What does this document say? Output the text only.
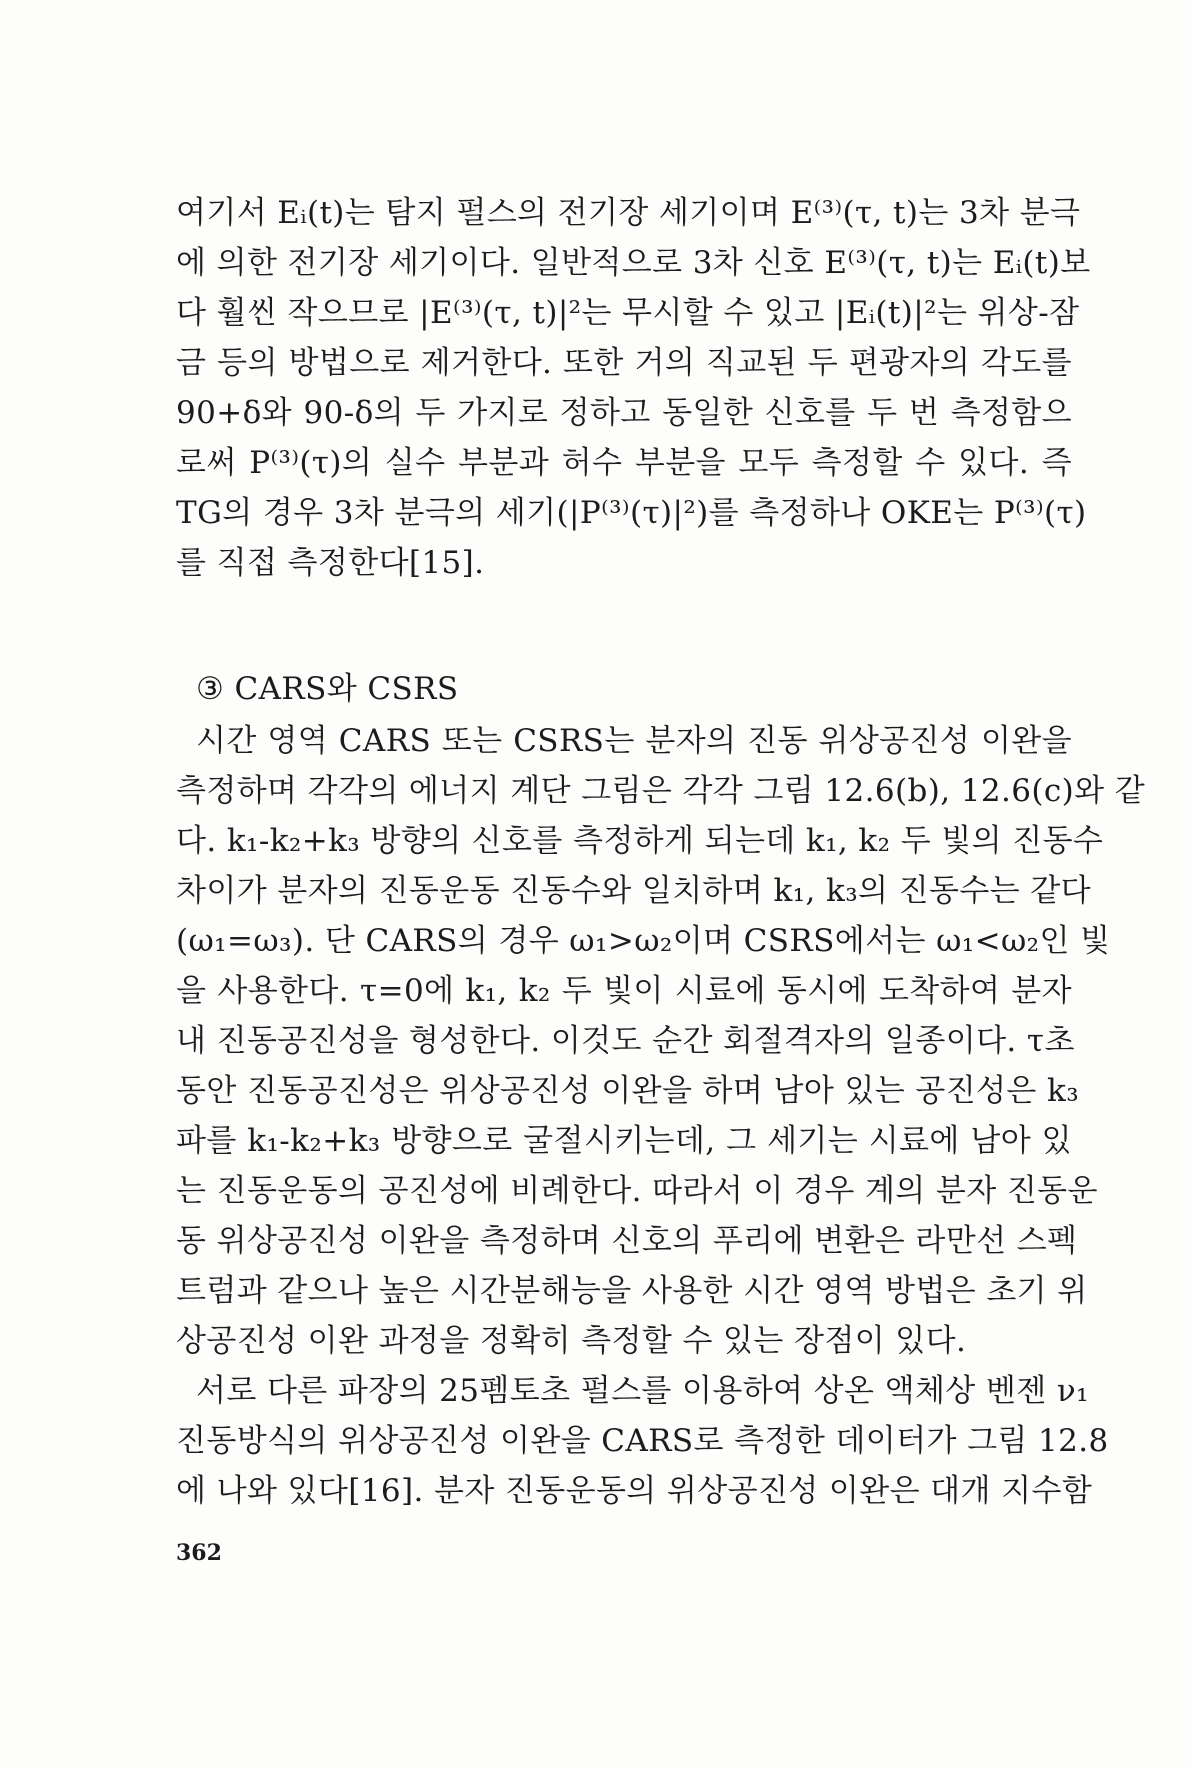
여기서 Eᵢ(t)는 탐지 펄스의 전기장 세기이며 E⁽³⁾(τ, t)는 3차 분극
에 의한 전기장 세기이다. 일반적으로 3차 신호 E⁽³⁾(τ, t)는 Eᵢ(t)보
다 훨씬 작으므로 |E⁽³⁾(τ, t)|²는 무시할 수 있고 |Eᵢ(t)|²는 위상-잠
금 등의 방법으로 제거한다. 또한 거의 직교된 두 편광자의 각도를
90+δ와 90-δ의 두 가지로 정하고 동일한 신호를 두 번 측정함으
로써 P⁽³⁾(τ)의 실수 부분과 허수 부분을 모두 측정할 수 있다. 즉
TG의 경우 3차 분극의 세기(|P⁽³⁾(τ)|²)를 측정하나 OKE는 P⁽³⁾(τ)
를 직접 측정한다[15].
③ CARS와 CSRS
시간 영역 CARS 또는 CSRS는 분자의 진동 위상공진성 이완을
측정하며 각각의 에너지 계단 그림은 각각 그림 12.6(b), 12.6(c)와 같
다. k₁-k₂+k₃ 방향의 신호를 측정하게 되는데 k₁, k₂ 두 빛의 진동수
차이가 분자의 진동운동 진동수와 일치하며 k₁, k₃의 진동수는 같다
(ω₁=ω₃). 단 CARS의 경우 ω₁>ω₂이며 CSRS에서는 ω₁<ω₂인 빛
을 사용한다. τ=0에 k₁, k₂ 두 빛이 시료에 동시에 도착하여 분자
내 진동공진성을 형성한다. 이것도 순간 회절격자의 일종이다. τ초
동안 진동공진성은 위상공진성 이완을 하며 남아 있는 공진성은 k₃
파를 k₁-k₂+k₃ 방향으로 굴절시키는데, 그 세기는 시료에 남아 있
는 진동운동의 공진성에 비례한다. 따라서 이 경우 계의 분자 진동운
동 위상공진성 이완을 측정하며 신호의 푸리에 변환은 라만선 스펙
트럼과 같으나 높은 시간분해능을 사용한 시간 영역 방법은 초기 위
상공진성 이완 과정을 정확히 측정할 수 있는 장점이 있다.
서로 다른 파장의 25펨토초 펄스를 이용하여 상온 액체상 벤젠 ν₁
진동방식의 위상공진성 이완을 CARS로 측정한 데이터가 그림 12.8
에 나와 있다[16]. 분자 진동운동의 위상공진성 이완은 대개 지수함
362
